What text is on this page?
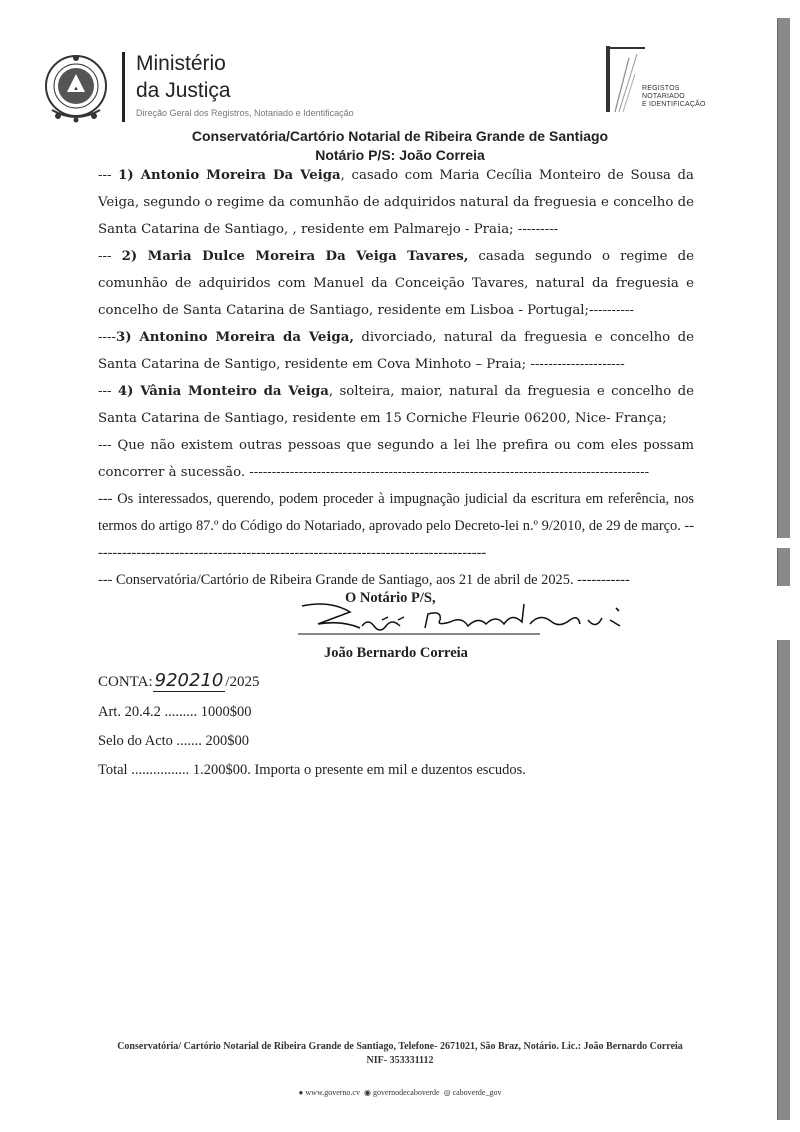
▲
Ministério
da Justiça
Direção Geral dos Registros, Notariado e Identificação
REGISTOS
NOTARIADO
E IDENTIFICAÇÃO
Conservatória/Cartório Notarial de Ribeira Grande de Santiago
Notário P/S: João Correia

--- 1) Antonio Moreira Da Veiga, casado com Maria Cecília Monteiro de Sousa da Veiga, segundo o regime da comunhão de adquiridos natural da freguesia e concelho de Santa Catarina de Santiago, , residente em Palmarejo - Praia; ---------

--- 2) Maria Dulce Moreira Da Veiga Tavares, casada segundo o regime de comunhão de adquiridos com Manuel da Conceição Tavares, natural da freguesia e concelho de Santa Catarina de Santiago, residente em Lisboa - Portugal;----------

----3) Antonino Moreira da Veiga, divorciado, natural da freguesia e concelho de Santa Catarina de Santigo, residente em Cova Minhoto – Praia; ---------------------

--- 4) Vânia Monteiro da Veiga, solteira, maior, natural da freguesia e concelho de Santa Catarina de Santiago, residente em 15 Corniche Fleurie 06200, Nice- França;

--- Que não existem outras pessoas que segundo a lei lhe prefira ou com eles possam concorrer à sucessão. -----------------------------------------------------------------------------------------

--- Os interessados, querendo, podem proceder à impugnação judicial da escritura em referência, nos termos do artigo 87.º do Código do Notariado, aprovado pelo Decreto-lei n.º 9/2010, de 29 de março. -----------------------------------------------------------------------------------

--- Conservatória/Cartório de Ribeira Grande de Santiago, aos 21 de abril de 2025. -----------

O Notário P/S,
João Bernardo Correia
CONTA: 920210 /2025
Art. 20.4.2 ......... 1000$00
Selo do Acto ....... 200$00
Total ................ 1.200$00. Importa o presente em mil e duzentos escudos.
Conservatória/ Cartório Notarial de Ribeira Grande de Santiago, Telefone- 2671021, São Braz, Notário. Lic.: João Bernardo Correia NIF- 353331112
● www.governo.cv  ◉ governodecaboverde  ◎ caboverde_gov
